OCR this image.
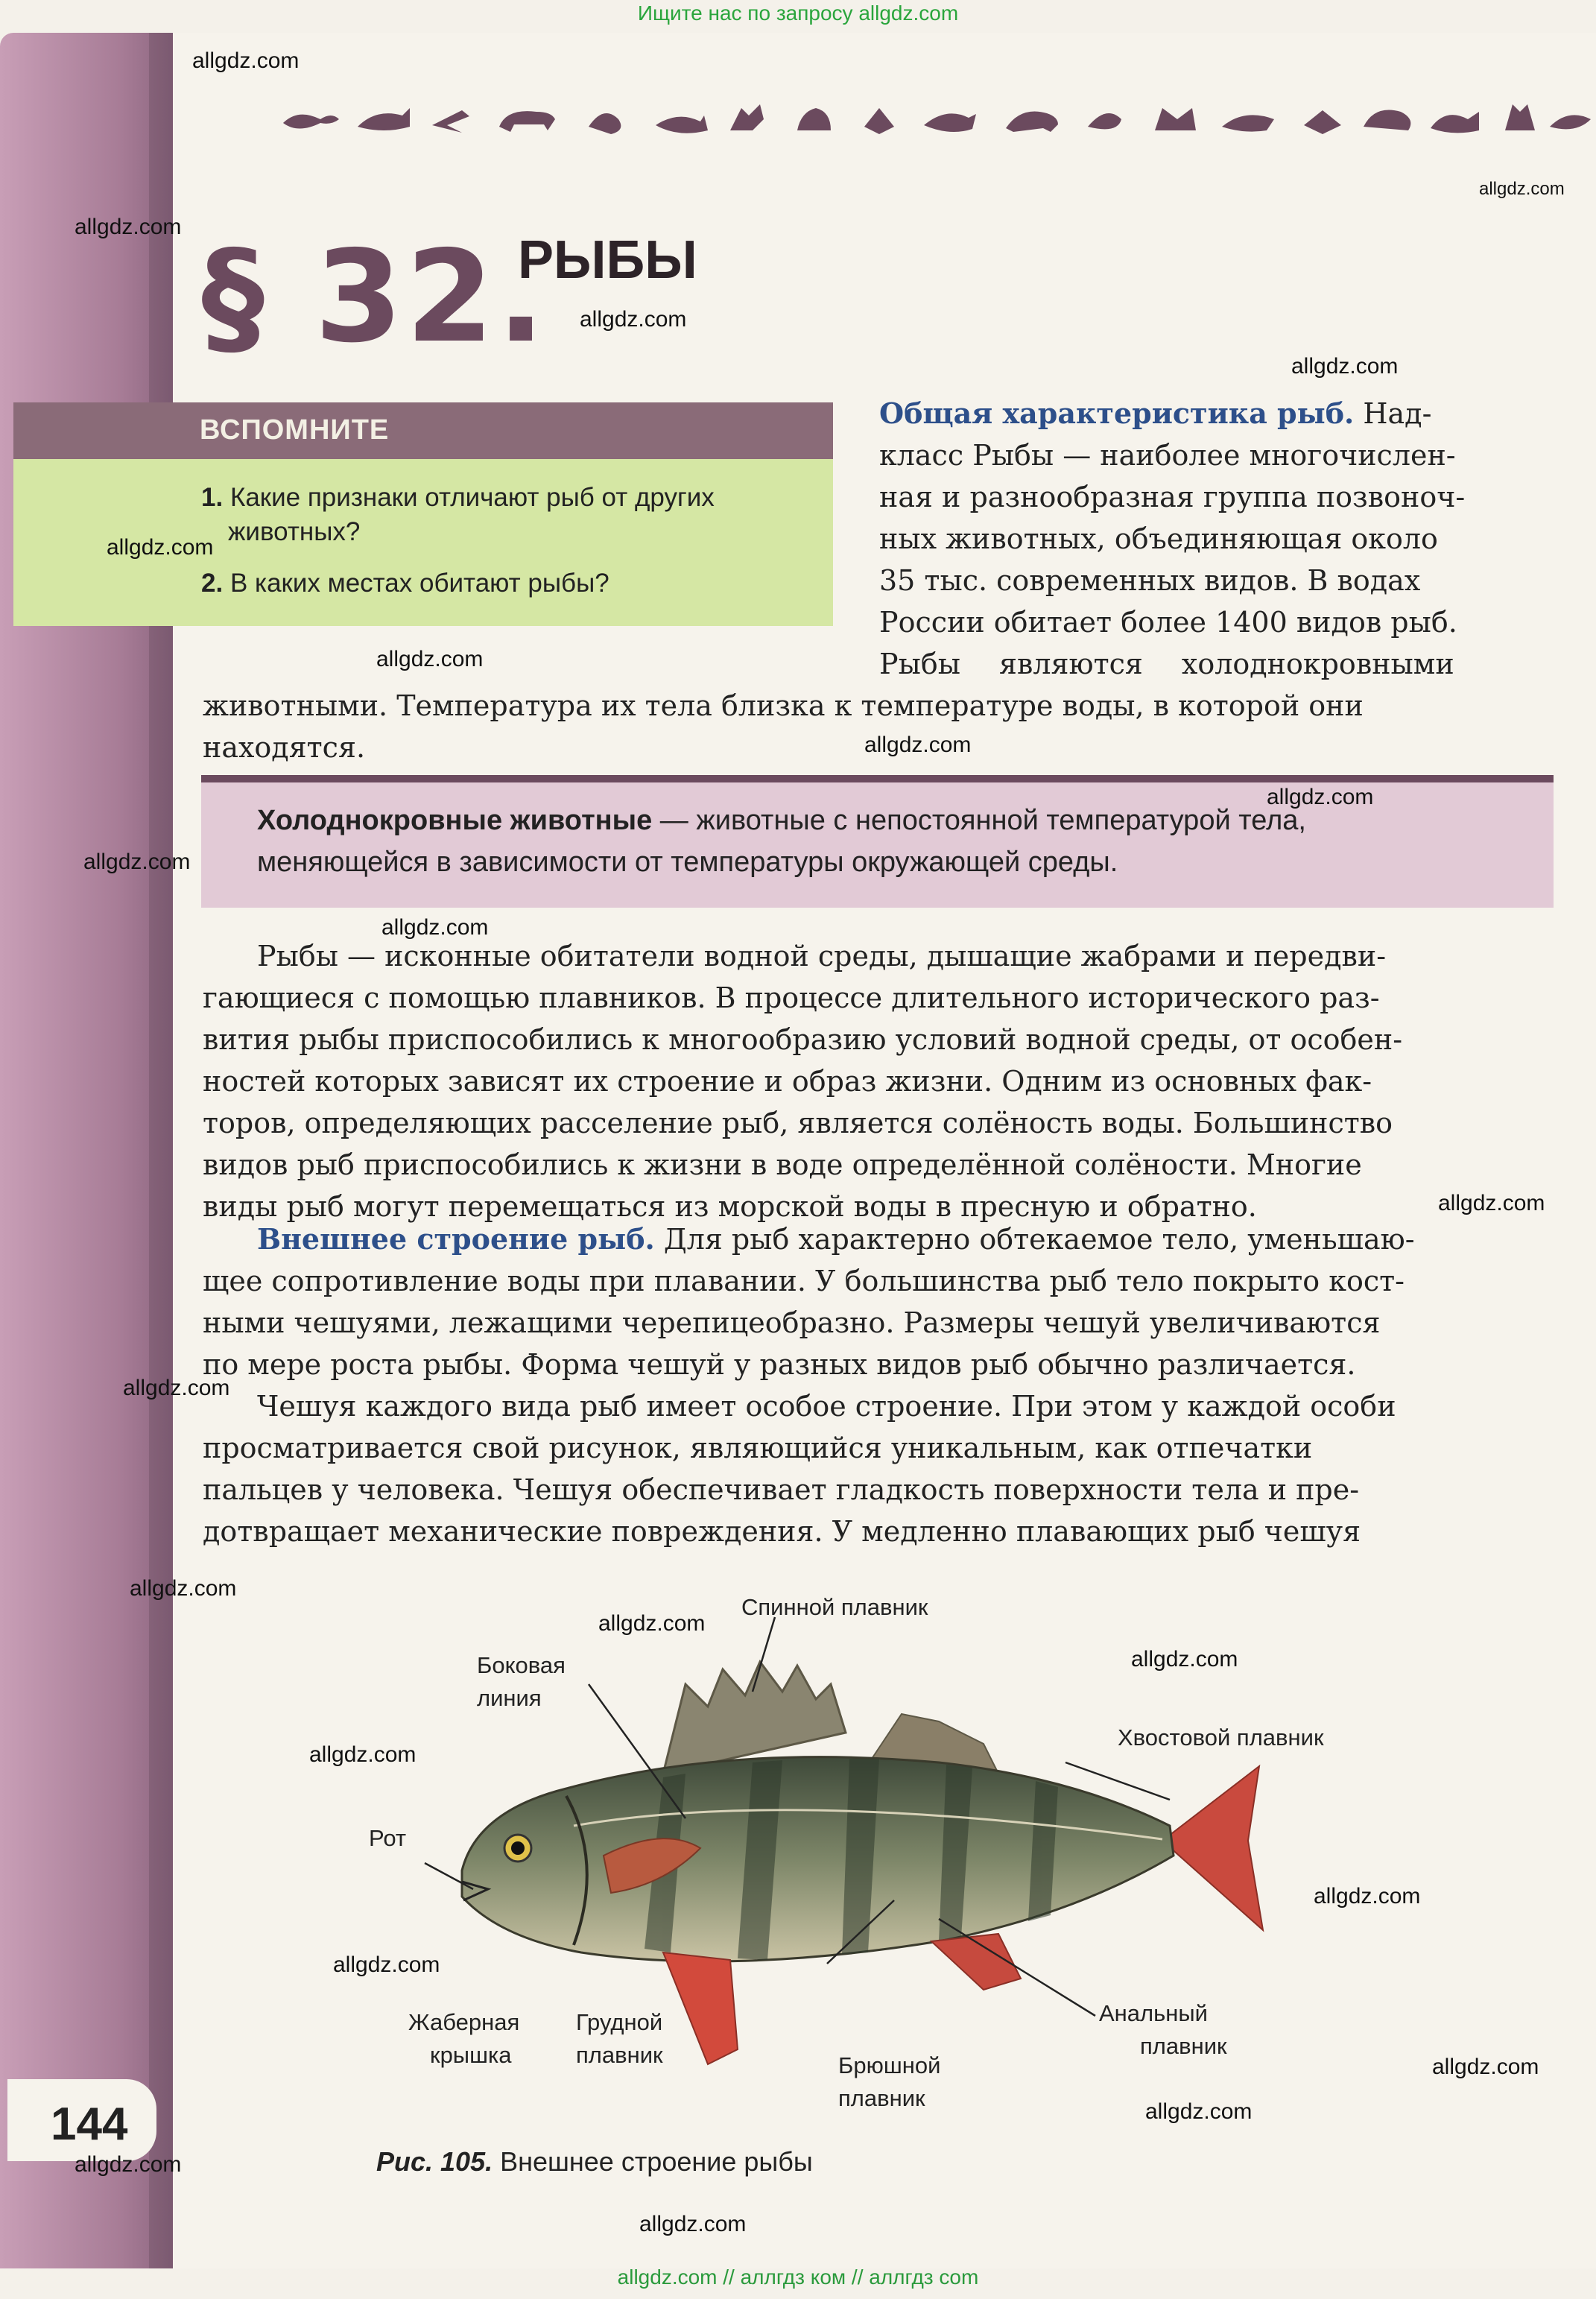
Ищите нас по запросу allgdz.com
§ 32.
РЫБЫ
ВСПОМНИТЕ
1. Какие признаки отличают рыб от других
животных?
2. В каких местах обитают рыбы?
Общая характеристика рыб. Над-
класс Рыбы — наиболее многочислен-
ная и разнообразная группа позвоноч-
ных животных, объединяющая около
35 тыс. современных видов. В водах
России обитает более 1400 видов рыб.
Рыбы являются холоднокровными
животными. Температура их тела близка к температуре воды, в которой они
находятся.
Холоднокровные животные — животные с непостоянной температурой тела,
меняющейся в зависимости от температуры окружающей среды.
Рыбы — исконные обитатели водной среды, дышащие жабрами и передви-
гающиеся с помощью плавников. В процессе длительного исторического раз-
вития рыбы приспособились к многообразию условий водной среды, от особен-
ностей которых зависят их строение и образ жизни. Одним из основных фак-
торов, определяющих расселение рыб, является солёность воды. Большинство
видов рыб приспособились к жизни в воде определённой солёности. Многие
виды рыб могут перемещаться из морской воды в пресную и обратно.
Внешнее строение рыб. Для рыб характерно обтекаемое тело, уменьшаю-
щее сопротивление воды при плавании. У большинства рыб тело покрыто кост-
ными чешуями, лежащими черепицеобразно. Размеры чешуй увеличиваются
по мере роста рыбы. Форма чешуй у разных видов рыб обычно различается.
Чешуя каждого вида рыб имеет особое строение. При этом у каждой особи
просматривается свой рисунок, являющийся уникальным, как отпечатки
пальцев у человека. Чешуя обеспечивает гладкость поверхности тела и пре-
дотвращает механические повреждения. У медленно плавающих рыб чешуя
Спинной плавник
Боковая
линия
Хвостовой плавник
Рот
Анальный
плавник
Жаберная
крышка
Грудной
плавник	Брюшной
плавник
Рис. 105. Внешнее строение рыбы
144
allgdz.com
allgdz.com
allgdz.com
allgdz.com
allgdz.com
allgdz.com
allgdz.com
allgdz.com
allgdz.com
allgdz.com
allgdz.com
allgdz.com
allgdz.com
allgdz.com
allgdz.com
allgdz.com
allgdz.com
allgdz.com
allgdz.com
allgdz.com
allgdz.com
allgdz.com
allgdz.com
allgdz.com // аллгдз ком // аллгдз com
